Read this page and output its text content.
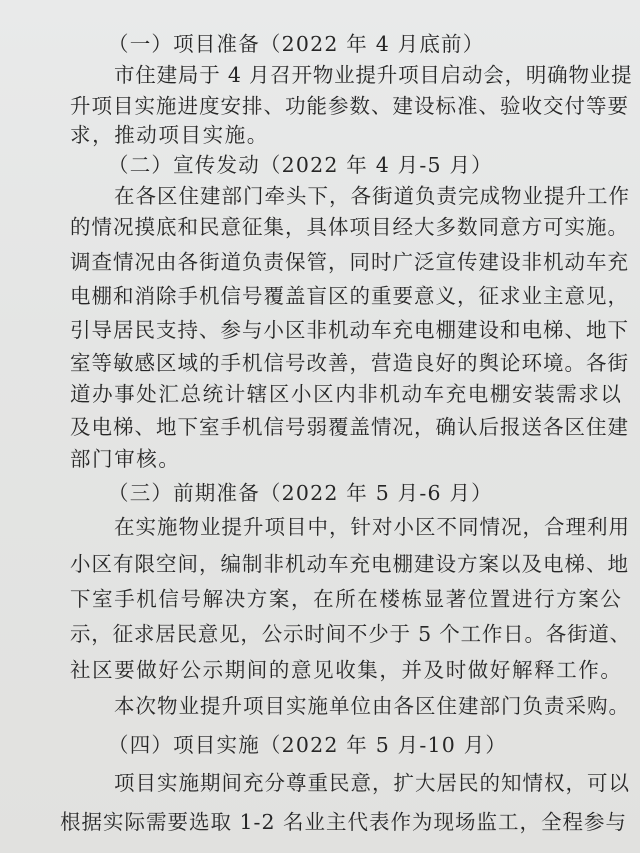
（一）项目准备（2022 年 4 月底前）
市住建局于 4 月召开物业提升项目启动会，明确物业提
升项目实施进度安排、功能参数、建设标准、验收交付等要
求，推动项目实施。
（二）宣传发动（2022 年 4 月-5 月）
在各区住建部门牵头下，各街道负责完成物业提升工作
的情况摸底和民意征集，具体项目经大多数同意方可实施。
调查情况由各街道负责保管，同时广泛宣传建设非机动车充
电棚和消除手机信号覆盖盲区的重要意义，征求业主意见，
引导居民支持、参与小区非机动车充电棚建设和电梯、地下
室等敏感区域的手机信号改善，营造良好的舆论环境。各街
道办事处汇总统计辖区小区内非机动车充电棚安装需求以
及电梯、地下室手机信号弱覆盖情况，确认后报送各区住建
部门审核。
（三）前期准备（2022 年 5 月-6 月）
在实施物业提升项目中，针对小区不同情况，合理利用
小区有限空间，编制非机动车充电棚建设方案以及电梯、地
下室手机信号解决方案，在所在楼栋显著位置进行方案公
示，征求居民意见，公示时间不少于 5 个工作日。各街道、
社区要做好公示期间的意见收集，并及时做好解释工作。
本次物业提升项目实施单位由各区住建部门负责采购。
（四）项目实施（2022 年 5 月-10 月）
项目实施期间充分尊重民意，扩大居民的知情权，可以
根据实际需要选取 1-2 名业主代表作为现场监工，全程参与
